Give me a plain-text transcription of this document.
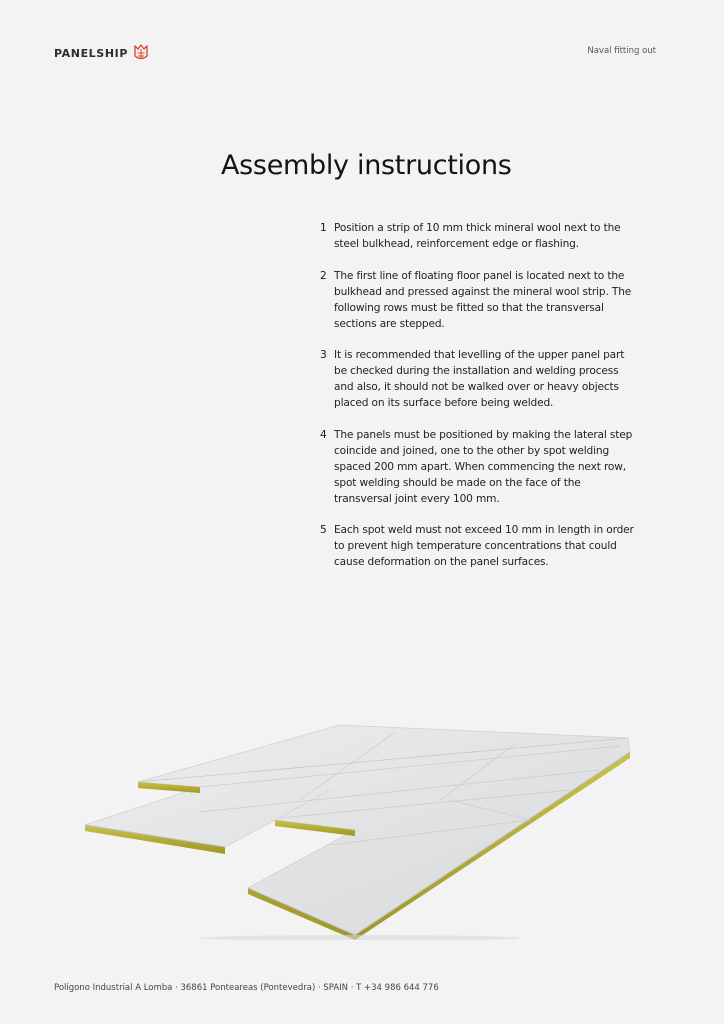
PANELSHIP	Naval fitting out
Assembly instructions
1 Position a strip of 10 mm thick mineral wool next to the steel bulkhead, reinforcement edge or flashing.
2 The first line of floating floor panel is located next to the bulkhead and pressed against the mineral wool strip. The following rows must be fitted so that the transversal sections are stepped.
3 It is recommended that levelling of the upper panel part be checked during the installation and welding process and also, it should not be walked over or heavy objects placed on its surface before being welded.
4 The panels must be positioned by making the lateral step coincide and joined, one to the other by spot welding spaced 200 mm apart. When commencing the next row, spot welding should be made on the face of the transversal joint every 100 mm.
5 Each spot weld must not exceed 10 mm in length in order to prevent high temperature concentrations that could cause deformation on the panel surfaces.
Polígono Industrial A Lomba · 36861 Ponteareas (Pontevedra) · SPAIN · T +34 986 644 776
